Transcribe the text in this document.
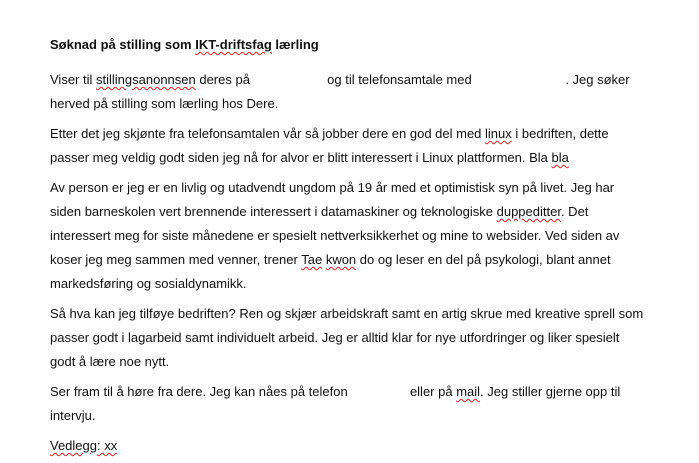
Søknad på stilling som IKT-driftsfag lærling

Viser til stillingsanonnsen deres på	og til telefonsamtale med	. Jeg søker herved på stilling som lærling hos Dere.

Etter det jeg skjønte fra telefonsamtalen vår så jobber dere en god del med linux i bedriften, dette passer meg veldig godt siden jeg nå for alvor er blitt interessert i Linux plattformen. Bla bla

Av person er jeg er en livlig og utadvendt ungdom på 19 år med et optimistisk syn på livet. Jeg har siden barneskolen vert brennende interessert i datamaskiner og teknologiske duppeditter. Det interessert meg for siste månedene er spesielt nettverksikkerhet og mine to websider. Ved siden av koser jeg meg sammen med venner, trener Tae kwon do og leser en del på psykologi, blant annet markedsføring og sosialdynamikk.

Så hva kan jeg tilføye bedriften? Ren og skjær arbeidskraft samt en artig skrue med kreative sprell som passer godt i lagarbeid samt individuelt arbeid. Jeg er alltid klar for nye utfordringer og liker spesielt godt å lære noe nytt.

Ser fram til å høre fra dere. Jeg kan nåes på telefon	eller på mail. Jeg stiller gjerne opp til intervju.

Vedlegg: xx
